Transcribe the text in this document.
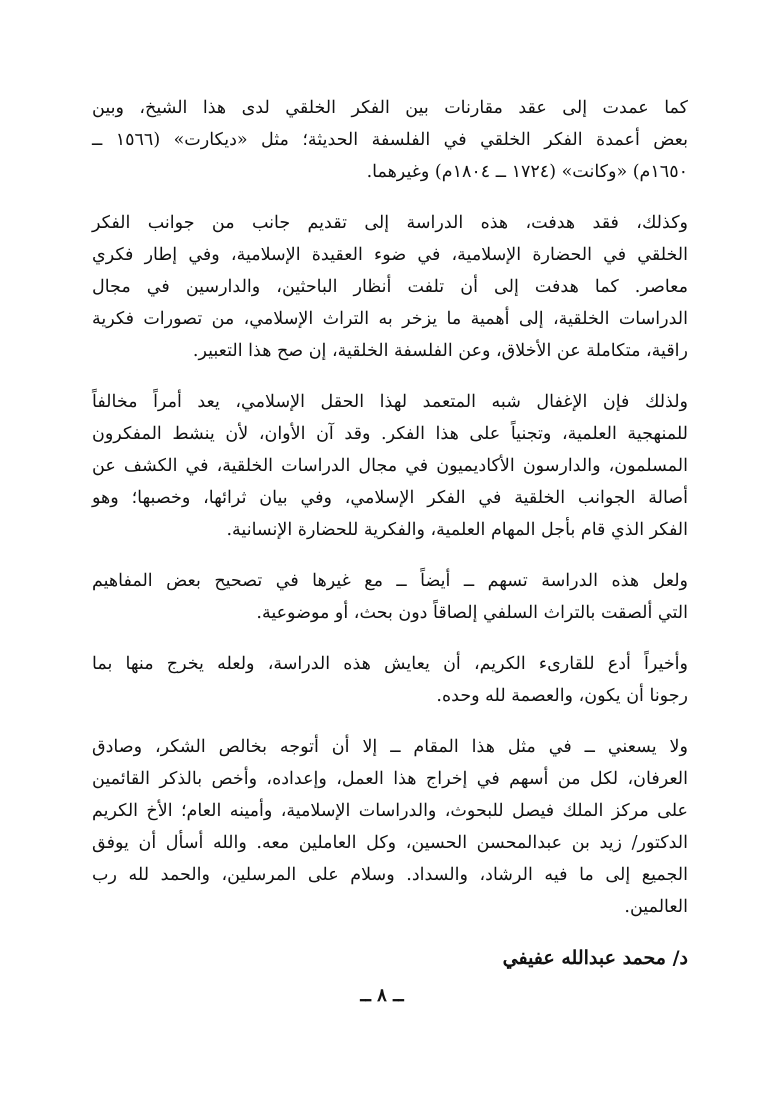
كما عمدت إلى عقد مقارنات بين الفكر الخلقي لدى هذا الشيخ، وبين
بعض أعمدة الفكر الخلقي في الفلسفة الحديثة؛ مثل «ديكارت» (١٥٦٦ ــ
١٦٥٠م) «وكانت» (١٧٢٤ ــ ١٨٠٤م) وغيرهما.

وكذلك، فقد هدفت، هذه الدراسة إلى تقديم جانب من جوانب الفكر
الخلقي في الحضارة الإسلامية، في ضوء العقيدة الإسلامية، وفي إطار فكري
معاصر. كما هدفت إلى أن تلفت أنظار الباحثين، والدارسين في مجال
الدراسات الخلقية، إلى أهمية ما يزخر به التراث الإسلامي، من تصورات فكرية
راقية، متكاملة عن الأخلاق، وعن الفلسفة الخلقية، إن صح هذا التعبير.

ولذلك فإن الإغفال شبه المتعمد لهذا الحقل الإسلامي، يعد أمراً مخالفاً
للمنهجية العلمية، وتجنياً على هذا الفكر. وقد آن الأوان، لأن ينشط المفكرون
المسلمون، والدارسون الأكاديميون في مجال الدراسات الخلقية، في الكشف عن
أصالة الجوانب الخلقية في الفكر الإسلامي، وفي بيان ثرائها، وخصبها؛ وهو
الفكر الذي قام بأجل المهام العلمية، والفكرية للحضارة الإنسانية.

ولعل هذه الدراسة تسهم ــ أيضاً ــ مع غيرها في تصحيح بعض المفاهيم
التي ألصقت بالتراث السلفي إلصاقاً دون بحث، أو موضوعية.

وأخيراً أدع للقارىء الكريم، أن يعايش هذه الدراسة، ولعله يخرج منها بما
رجونا أن يكون، والعصمة لله وحده.

ولا يسعني ــ في مثل هذا المقام ــ إلا أن أتوجه بخالص الشكر، وصادق
العرفان، لكل من أسهم في إخراج هذا العمل، وإعداده، وأخص بالذكر القائمين
على مركز الملك فيصل للبحوث، والدراسات الإسلامية، وأمينه العام؛ الأخ الكريم
الدكتور/ زيد بن عبدالمحسن الحسين، وكل العاملين معه. والله أسأل أن يوفق
الجميع إلى ما فيه الرشاد، والسداد. وسلام على المرسلين، والحمد لله رب
العالمين.

د/ محمد عبدالله عفيفي
ــ ٨ ــ
